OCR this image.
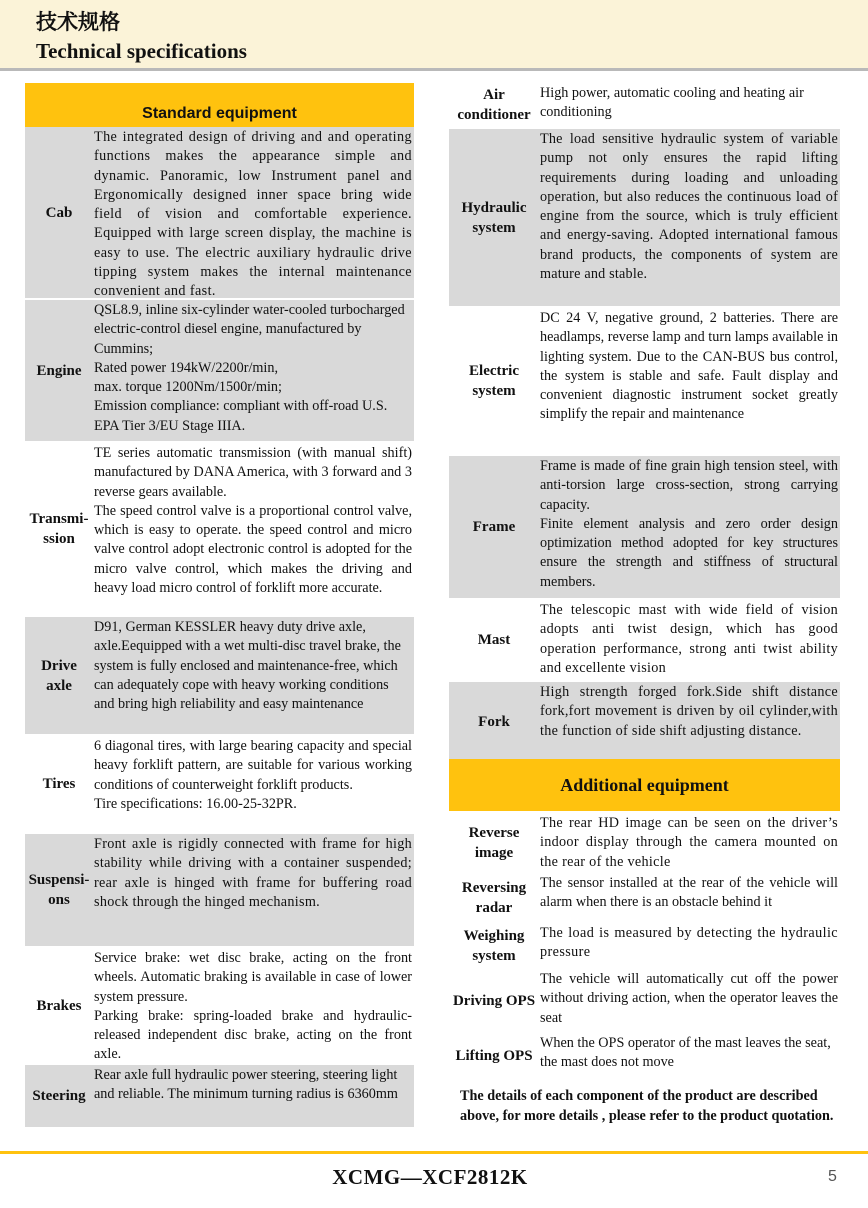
技术规格
Technical specifications
Standard equipment
Cab
The integrated design of driving and and operating functions makes the appearance simple and dynamic. Panoramic, low Instrument panel and Ergonomically designed inner space bring wide field of vision and comfortable experience. Equipped with large screen display, the machine is easy to use. The electric auxiliary hydraulic drive tipping system makes the internal maintenance convenient and fast.
Engine
QSL8.9, inline six-cylinder water-cooled turbocharged electric-control diesel engine, manufactured by Cummins;
Rated power 194kW/2200r/min,
max. torque 1200Nm/1500r/min;
Emission compliance: compliant with off-road U.S. EPA Tier 3/EU Stage IIIA.
Transmi-
ssion
TE series automatic transmission (with manual shift) manufactured by DANA America, with 3 forward and 3 reverse gears available.
The speed control valve is a proportional control valve, which is easy to operate. the speed control and micro valve control adopt electronic control is adopted for the micro valve control, which makes the driving and heavy load micro control of forklift more accurate.
Drive
axle
D91, German KESSLER heavy duty drive axle, axle.Eequipped with a wet multi-disc travel brake, the system is fully enclosed and maintenance-free, which can adequately cope with heavy working conditions and bring high reliability and easy maintenance
Tires
6 diagonal tires, with large bearing capacity and special heavy forklift pattern, are suitable for various working conditions of counterweight forklift products.
Tire specifications: 16.00-25-32PR.
Suspensi-
ons
Front axle is rigidly connected with frame for high stability while driving with a container suspended; rear axle is hinged with frame for buffering road shock through the hinged mechanism.
Brakes
Service brake: wet disc brake, acting on the front wheels. Automatic braking is available in case of lower system pressure.
Parking brake: spring-loaded brake and hydraulic-released independent disc brake, acting on the front axle.
Steering
Rear axle full hydraulic power steering, steering light and reliable. The minimum turning radius is 6360mm
Air
conditioner
High power, automatic cooling and heating air conditioning
Hydraulic
system
The load sensitive hydraulic system of variable pump not only ensures the rapid lifting requirements during loading and unloading operation, but also reduces the continuous load of engine from the source, which is truly efficient and energy-saving. Adopted international famous brand products, the components of system are mature and stable.
Electric
system
DC 24 V, negative ground, 2 batteries. There are headlamps, reverse lamp and turn lamps available in lighting system. Due to the CAN-BUS bus control, the system is stable and safe. Fault display and convenient diagnostic instrument socket greatly simplify the repair and maintenance
Frame
Frame is made of fine grain high tension steel, with anti-torsion large cross-section, strong carrying capacity.
Finite element analysis and zero order design optimization method adopted for key structures ensure the strength and stiffness of structural members.
Mast
The telescopic mast with wide field of vision adopts anti twist design, which has good operation performance, strong anti twist ability and excellente vision
Fork
High strength forged fork.Side shift distance fork,fort movement is driven by oil cylinder,with the function of side shift adjusting distance.
Additional equipment
Reverse
image
The rear HD image can be seen on the driver’s indoor display through the camera mounted on the rear of the vehicle
Reversing
radar
The sensor installed at the rear of the vehicle will alarm when there is an obstacle behind it
Weighing
system
The load is measured by detecting the hydraulic pressure
Driving OPS
The vehicle will automatically cut off the power without driving action, when the operator leaves the seat
Lifting OPS
When the OPS operator of the mast leaves the seat, the mast does not move
The details of each component of the product are described above, for more details , please refer to the product quotation.
XCMG—XCF2812K	5
